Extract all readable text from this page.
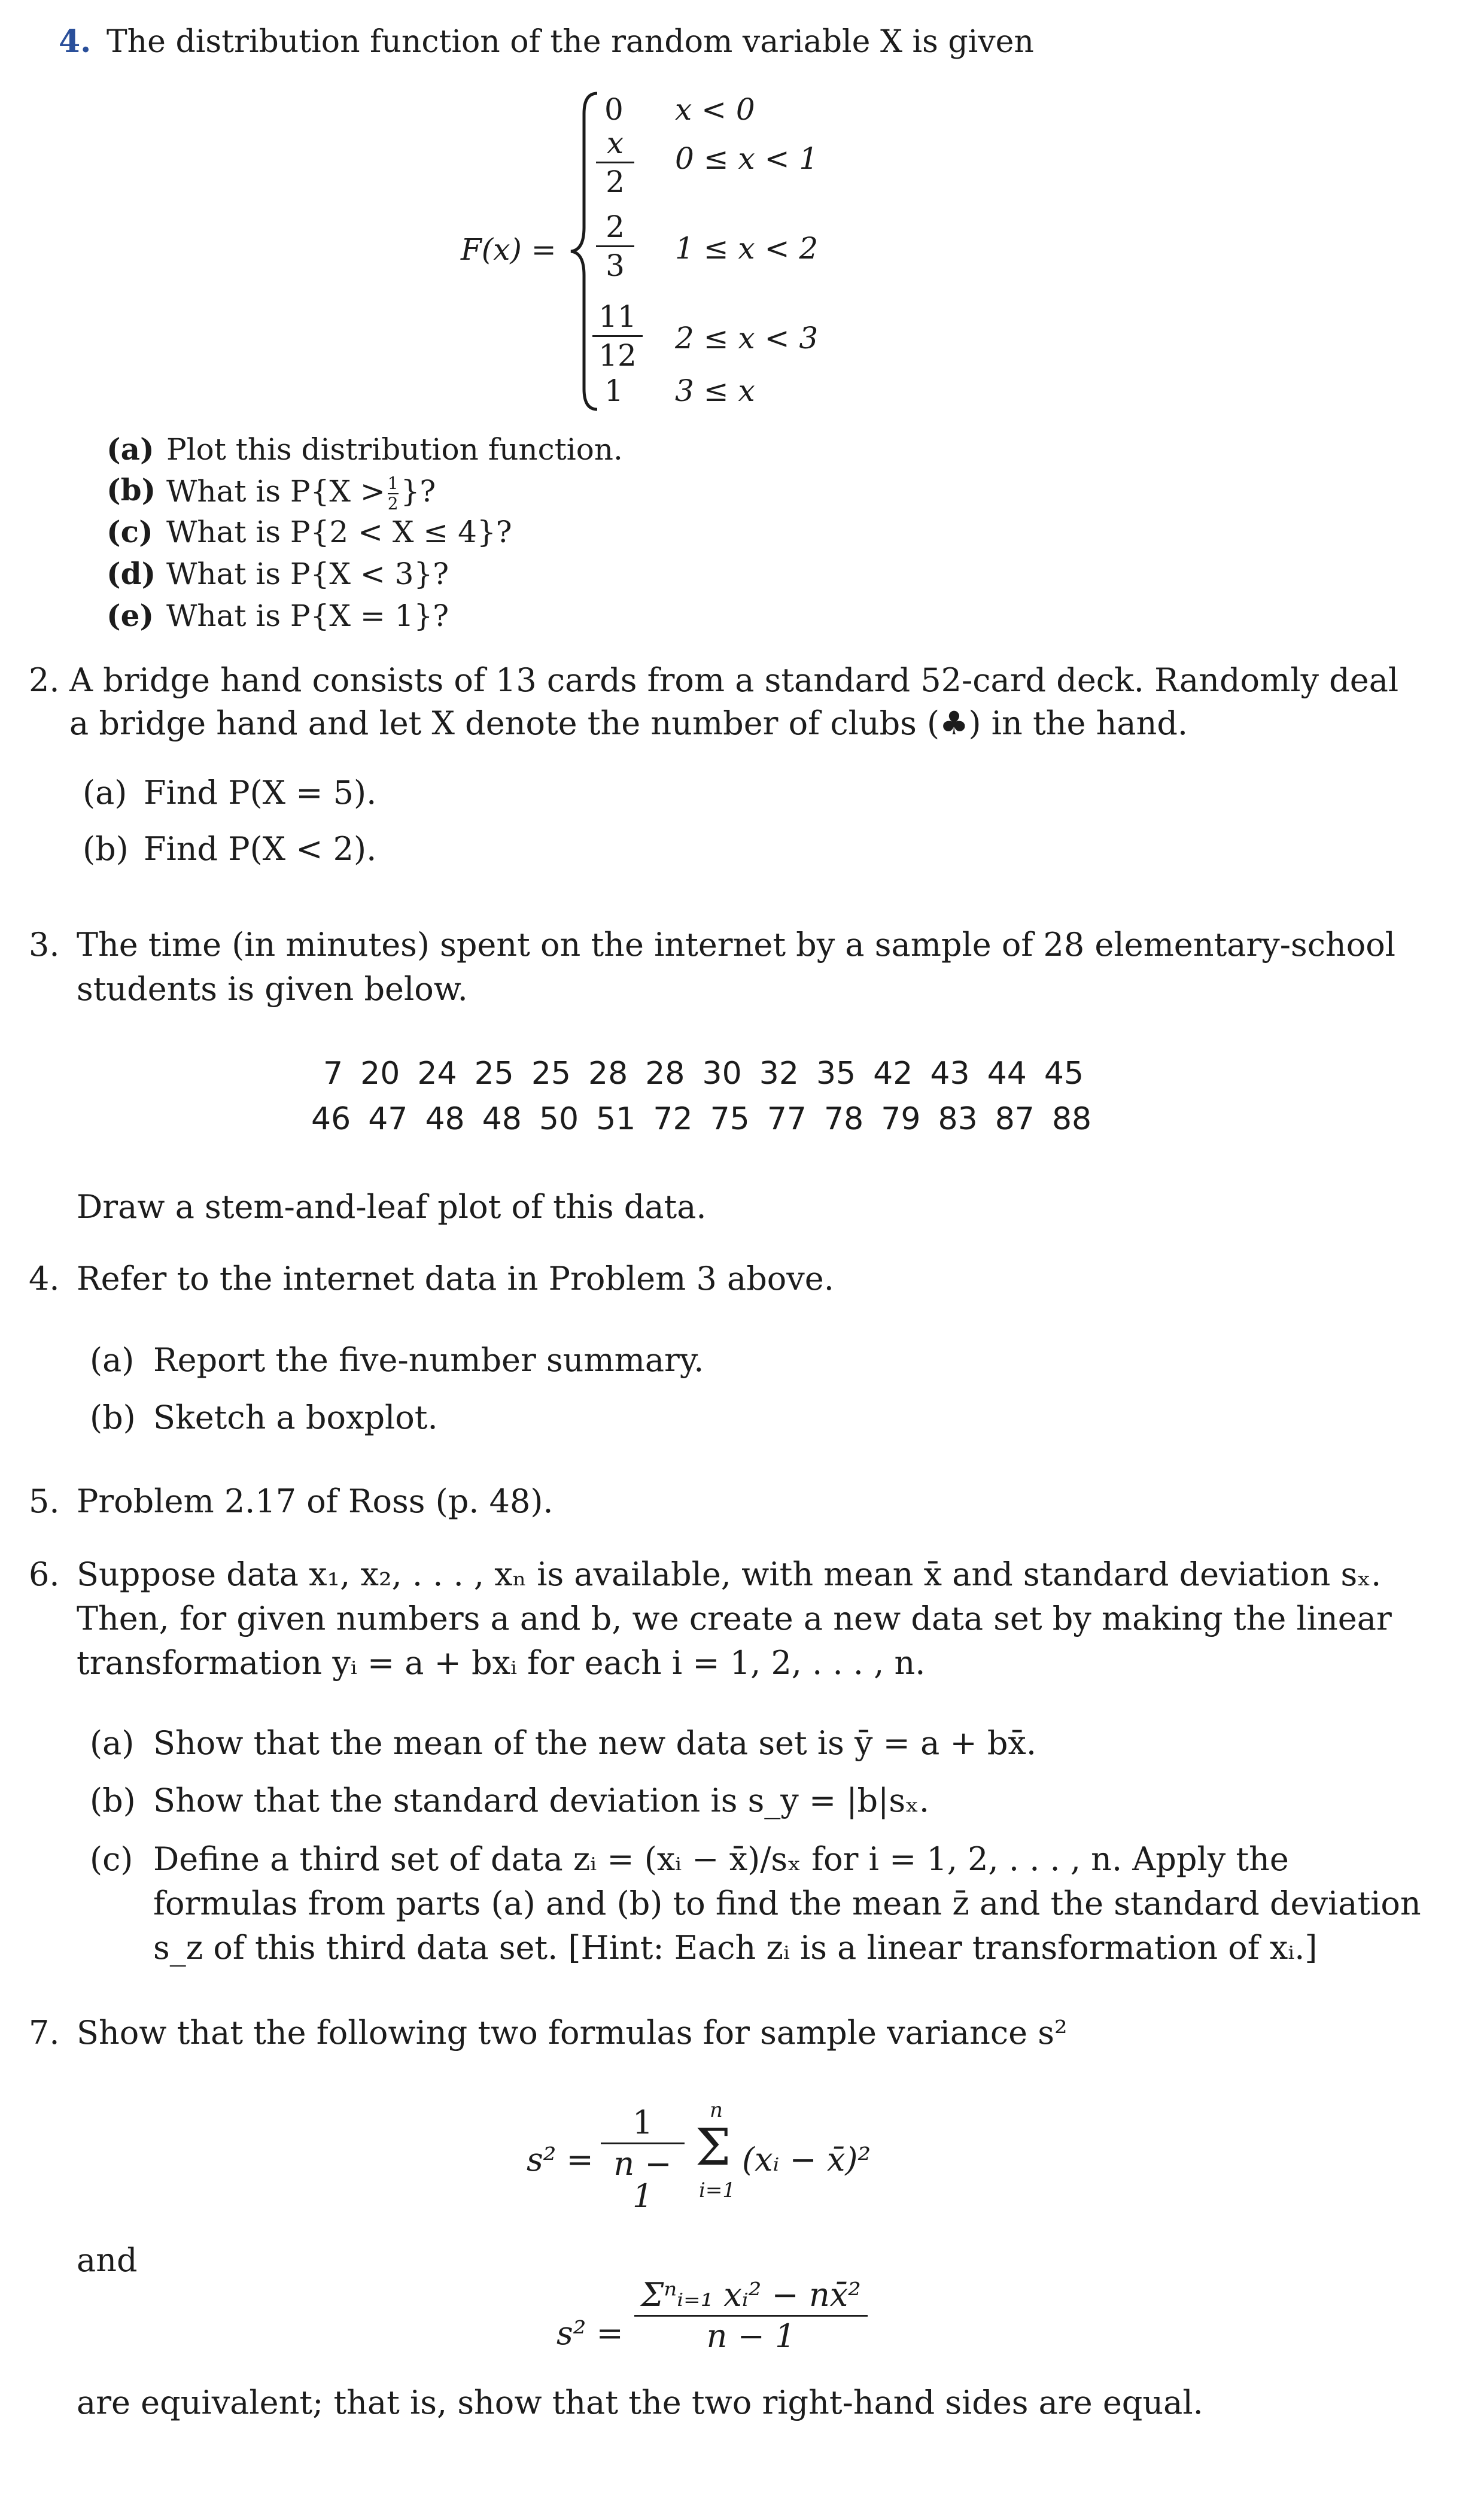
4. The distribution function of the random variable X is given
F(x) =
0 x < 0
x
2
0 ≤ x < 1
2
3	1 ≤ x < 2
11
12 2 ≤ x < 3
1 3 ≤ x
(a) Plot this distribution function.
(b) What is $P\{X > \frac{1}{2}$ }?
(c) What is P{2 < X ≤ 4}?
(d) What is P{X < 3}?
(e) What is P{X = 1}?
2. A bridge hand consists of 13 cards from a standard 52-card deck. Randomly deal
a bridge hand and let X denote the number of clubs (♣) in the hand.
(a) Find P(X = 5).
(b) Find P(X < 2).
3. The time (in minutes) spent on the internet by a sample of 28 elementary-school
students is given below.
7  20  24  25  25  28  28  30  32  35  42  43  44  45
46  47  48  48  50  51  72  75  77  78  79  83  87  88
Draw a stem-and-leaf plot of this data.
4. Refer to the internet data in Problem 3 above.
(a) Report the five-number summary.
(b) Sketch a boxplot.
5. Problem 2.17 of Ross (p. 48).
6. Suppose data x₁, x₂, . . . , xₙ is available, with mean x̄ and standard deviation sₓ.
Then, for given numbers a and b, we create a new data set by making the linear
transformation yᵢ = a + bxᵢ for each i = 1, 2, . . . , n.
(a) Show that the mean of the new data set is ȳ = a + bx̄.
(b) Show that the standard deviation is s_y = |b|sₓ.
(c) Define a third set of data zᵢ = (xᵢ − x̄)/sₓ for i = 1, 2, . . . , n. Apply the
formulas from parts (a) and (b) to find the mean z̄ and the standard deviation
s_z of this third data set. [Hint: Each zᵢ is a linear transformation of xᵢ.]
7. Show that the following two formulas for sample variance s²
s² =
1
n − 1
n
Σ
i=1
(xᵢ − x̄)²
and
s² =
Σⁿᵢ₌₁ xᵢ² − nx̄²
n − 1
are equivalent; that is, show that the two right-hand sides are equal.
